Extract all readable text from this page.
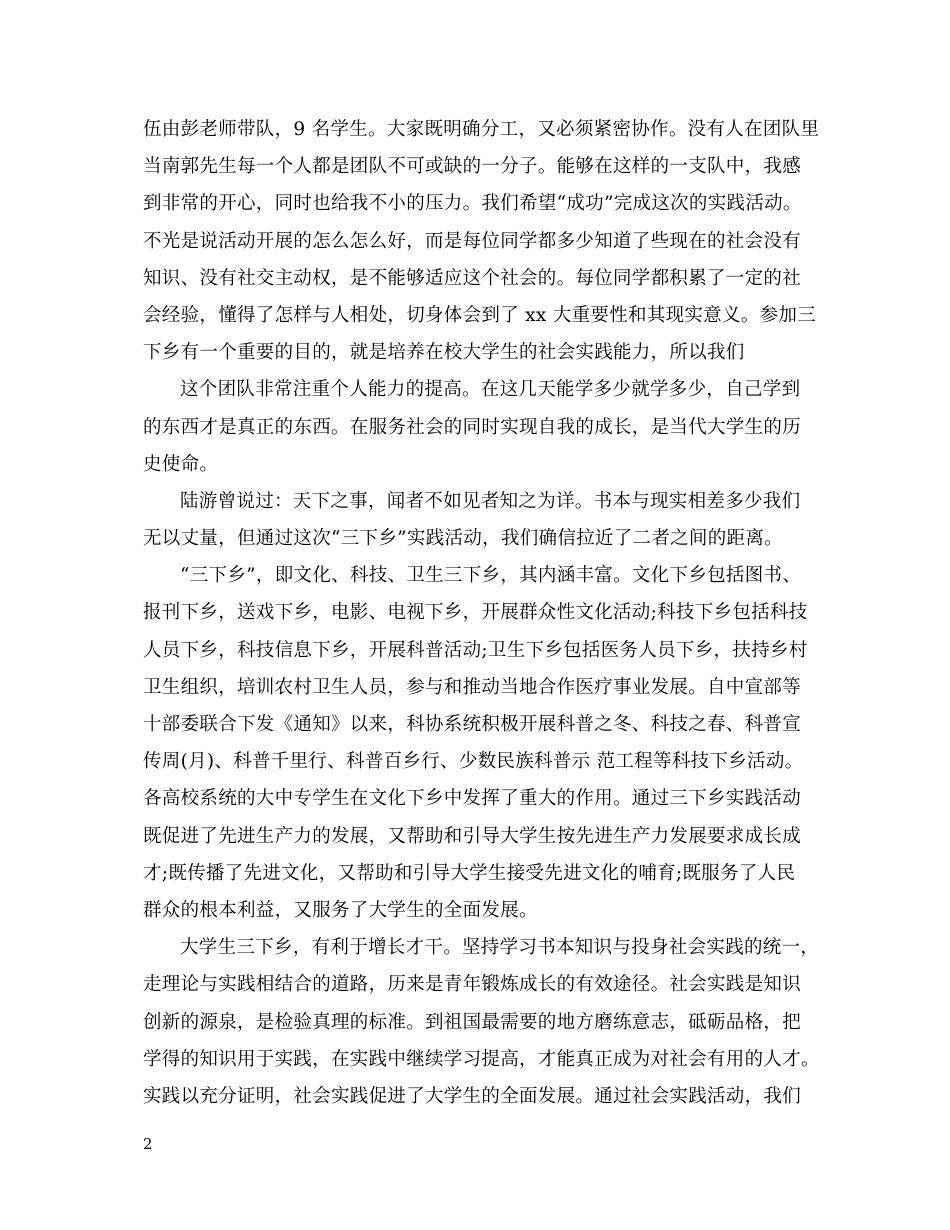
伍由彭老师带队，9 名学生。大家既明确分工，又必须紧密协作。没有人在团队里
当南郭先生每一个人都是团队不可或缺的一分子。能够在这样的一支队中，我感
到非常的开心，同时也给我不小的压力。我们希望“成功”完成这次的实践活动。
不光是说活动开展的怎么怎么好，而是每位同学都多少知道了些现在的社会没有
知识、没有社交主动权，是不能够适应这个社会的。每位同学都积累了一定的社
会经验，懂得了怎样与人相处，切身体会到了 xx 大重要性和其现实意义。参加三
下乡有一个重要的目的，就是培养在校大学生的社会实践能力，所以我们
这个团队非常注重个人能力的提高。在这几天能学多少就学多少，自己学到
的东西才是真正的东西。在服务社会的同时实现自我的成长，是当代大学生的历
史使命。
陆游曾说过：天下之事，闻者不如见者知之为详。书本与现实相差多少我们
无以丈量，但通过这次“三下乡”实践活动，我们确信拉近了二者之间的距离。
“三下乡”，即文化、科技、卫生三下乡，其内涵丰富。文化下乡包括图书、
报刊下乡，送戏下乡，电影、电视下乡，开展群众性文化活动;科技下乡包括科技
人员下乡，科技信息下乡，开展科普活动;卫生下乡包括医务人员下乡，扶持乡村
卫生组织，培训农村卫生人员，参与和推动当地合作医疗事业发展。自中宣部等
十部委联合下发《通知》以来，科协系统积极开展科普之冬、科技之春、科普宣
传周(月)、科普千里行、科普百乡行、少数民族科普示 范工程等科技下乡活动。
各高校系统的大中专学生在文化下乡中发挥了重大的作用。通过三下乡实践活动
既促进了先进生产力的发展，又帮助和引导大学生按先进生产力发展要求成长成
才;既传播了先进文化，又帮助和引导大学生接受先进文化的哺育;既服务了人民
群众的根本利益，又服务了大学生的全面发展。
大学生三下乡，有利于增长才干。坚持学习书本知识与投身社会实践的统一，
走理论与实践相结合的道路，历来是青年锻炼成长的有效途径。社会实践是知识
创新的源泉，是检验真理的标准。到祖国最需要的地方磨练意志，砥砺品格，把
学得的知识用于实践，在实践中继续学习提高，才能真正成为对社会有用的人才。
实践以充分证明，社会实践促进了大学生的全面发展。通过社会实践活动，我们
2
